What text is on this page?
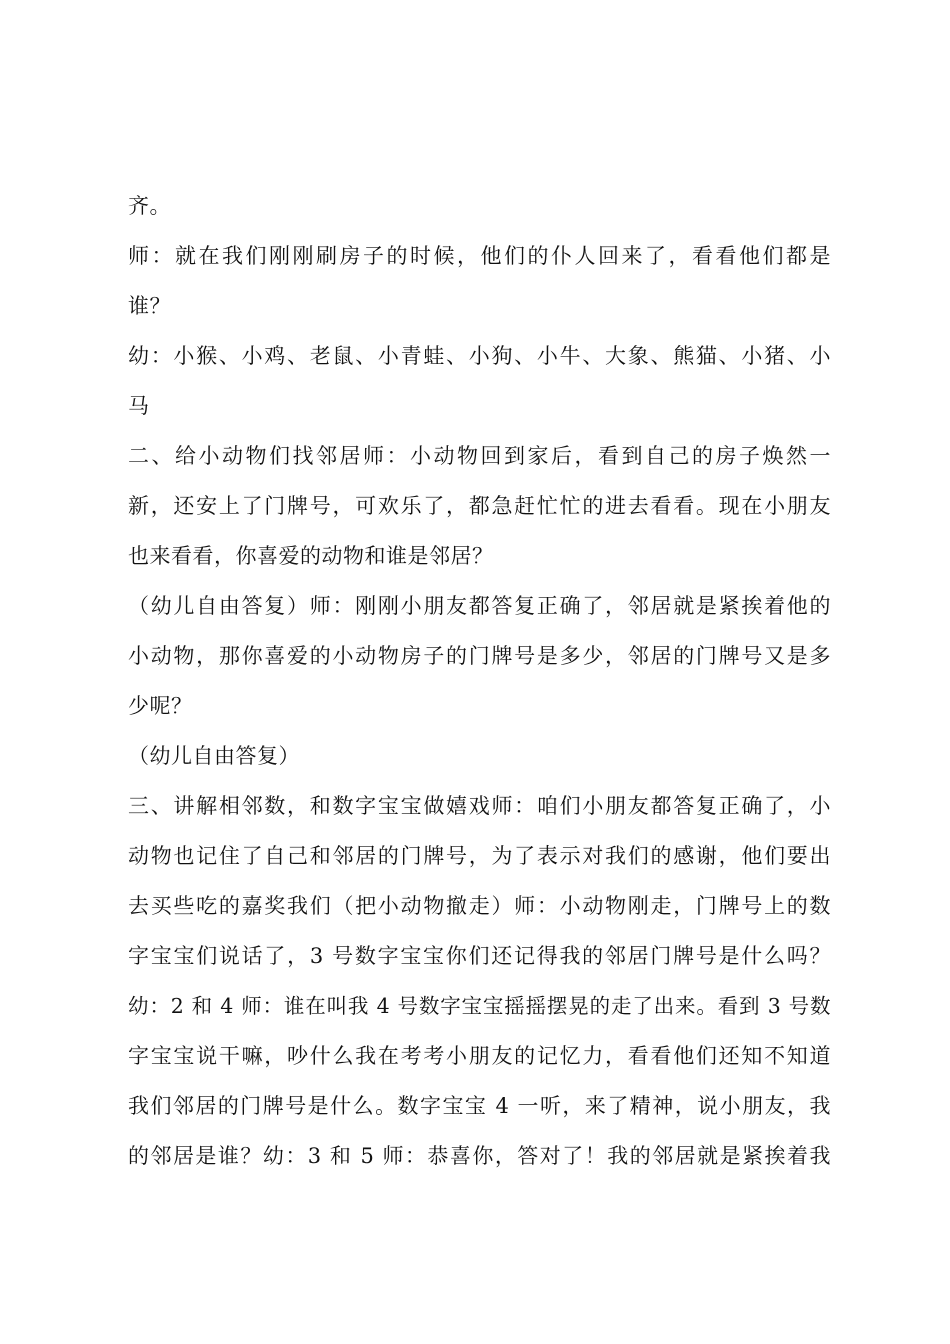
齐。
师：就在我们刚刚刷房子的时候，他们的仆人回来了，看看他们都是
谁？
幼：小猴、小鸡、老鼠、小青蛙、小狗、小牛、大象、熊猫、小猪、小
马
二、给小动物们找邻居师：小动物回到家后，看到自己的房子焕然一
新，还安上了门牌号，可欢乐了，都急赶忙忙的进去看看。现在小朋友
也来看看，你喜爱的动物和谁是邻居？
（幼儿自由答复）师：刚刚小朋友都答复正确了，邻居就是紧挨着他的
小动物，那你喜爱的小动物房子的门牌号是多少，邻居的门牌号又是多
少呢？
（幼儿自由答复）
三、讲解相邻数，和数字宝宝做嬉戏师：咱们小朋友都答复正确了，小
动物也记住了自己和邻居的门牌号，为了表示对我们的感谢，他们要出
去买些吃的嘉奖我们（把小动物撤走）师：小动物刚走，门牌号上的数
字宝宝们说话了，3 号数字宝宝你们还记得我的邻居门牌号是什么吗？
幼：2 和 4 师：谁在叫我 4 号数字宝宝摇摇摆晃的走了出来。看到 3 号数
字宝宝说干嘛，吵什么我在考考小朋友的记忆力，看看他们还知不知道
我们邻居的门牌号是什么。数字宝宝 4 一听，来了精神，说小朋友，我
的邻居是谁？幼：3 和 5 师：恭喜你，答对了！我的邻居就是紧挨着我
